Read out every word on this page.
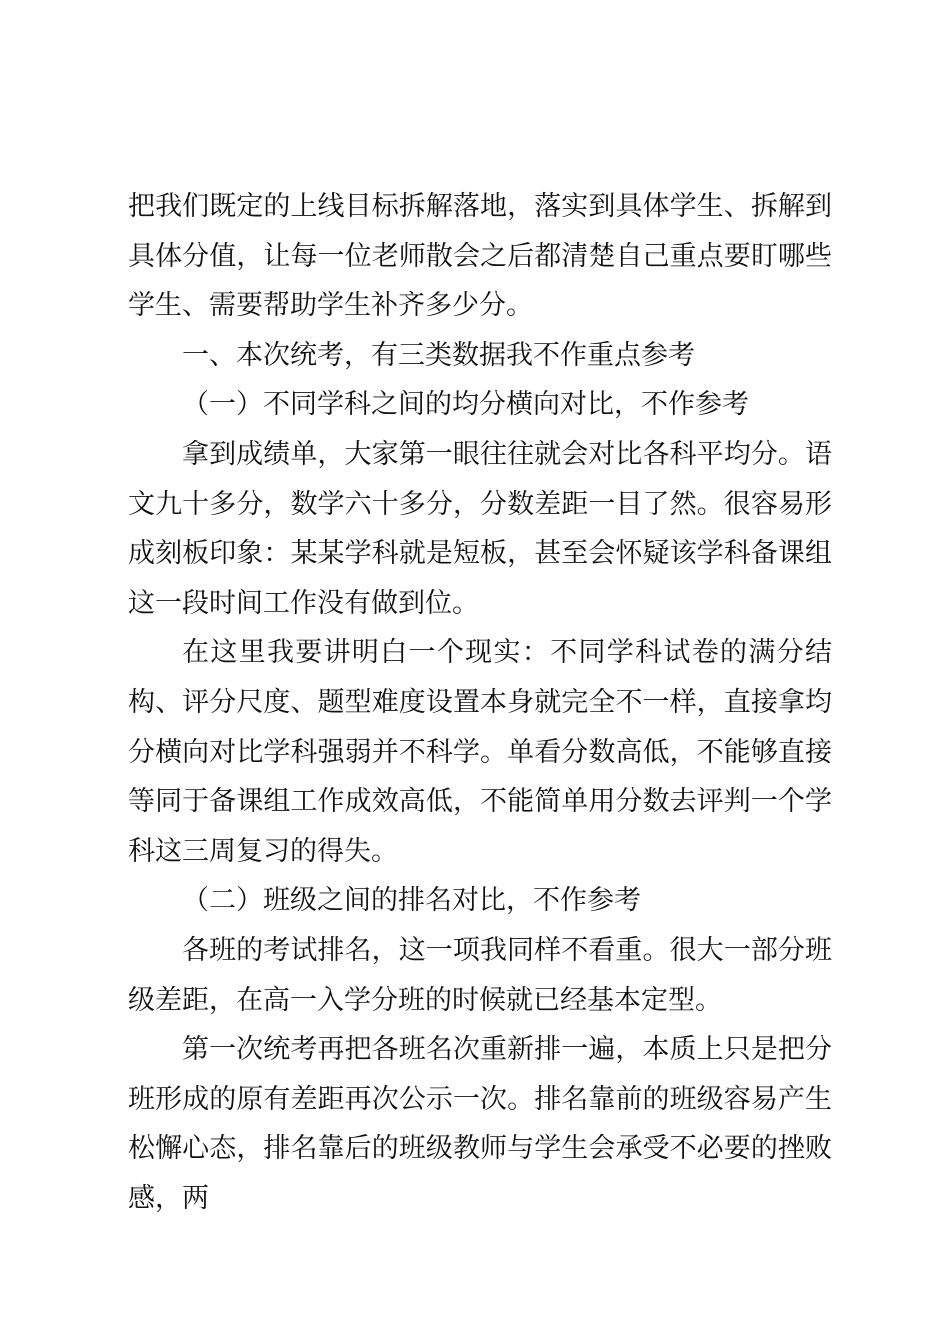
把我们既定的上线目标拆解落地，落实到具体学生、拆解到具体分值，让每一位老师散会之后都清楚自己重点要盯哪些学生、需要帮助学生补齐多少分。

一、本次统考，有三类数据我不作重点参考

（一）不同学科之间的均分横向对比，不作参考

拿到成绩单，大家第一眼往往就会对比各科平均分。语文九十多分，数学六十多分，分数差距一目了然。很容易形成刻板印象：某某学科就是短板，甚至会怀疑该学科备课组这一段时间工作没有做到位。

在这里我要讲明白一个现实：不同学科试卷的满分结构、评分尺度、题型难度设置本身就完全不一样，直接拿均分横向对比学科强弱并不科学。单看分数高低，不能够直接等同于备课组工作成效高低，不能简单用分数去评判一个学科这三周复习的得失。

（二）班级之间的排名对比，不作参考

各班的考试排名，这一项我同样不看重。很大一部分班级差距，在高一入学分班的时候就已经基本定型。

第一次统考再把各班名次重新排一遍，本质上只是把分班形成的原有差距再次公示一次。排名靠前的班级容易产生松懈心态，排名靠后的班级教师与学生会承受不必要的挫败感，两
